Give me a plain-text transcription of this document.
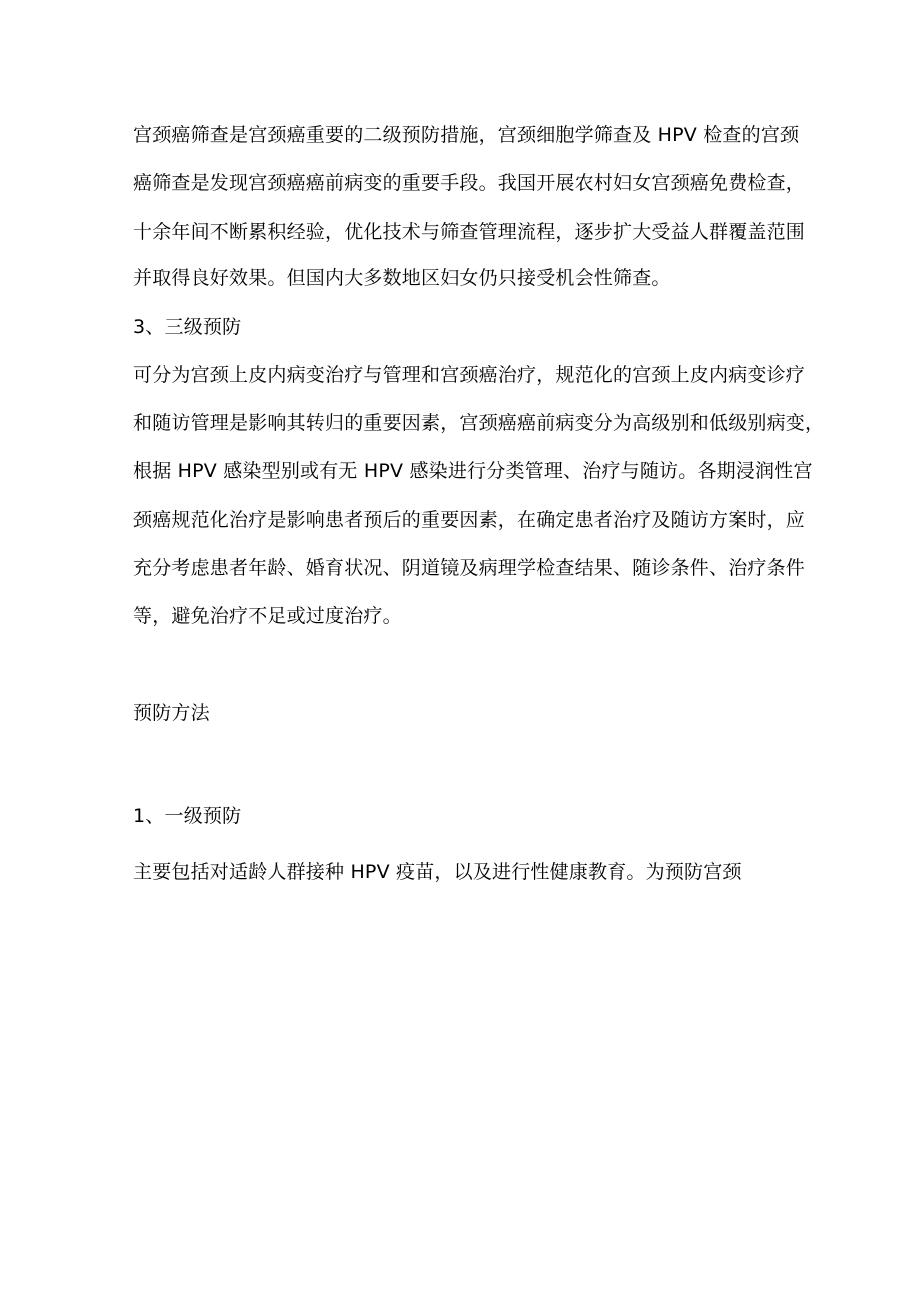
宫颈癌筛查是宫颈癌重要的二级预防措施，宫颈细胞学筛查及 HPV 检查的宫颈
癌筛查是发现宫颈癌癌前病变的重要手段。我国开展农村妇女宫颈癌免费检查，
十余年间不断累积经验，优化技术与筛查管理流程，逐步扩大受益人群覆盖范围
并取得良好效果。但国内大多数地区妇女仍只接受机会性筛查。
3、三级预防
可分为宫颈上皮内病变治疗与管理和宫颈癌治疗，规范化的宫颈上皮内病变诊疗
和随访管理是影响其转归的重要因素，宫颈癌癌前病变分为高级别和低级别病变，
根据 HPV 感染型别或有无 HPV 感染进行分类管理、治疗与随访。各期浸润性宫
颈癌规范化治疗是影响患者预后的重要因素，在确定患者治疗及随访方案时，应
充分考虑患者年龄、婚育状况、阴道镜及病理学检查结果、随诊条件、治疗条件
等，避免治疗不足或过度治疗。
预防方法
1、一级预防
主要包括对适龄人群接种 HPV 疫苗，以及进行性健康教育。为预防宫颈
